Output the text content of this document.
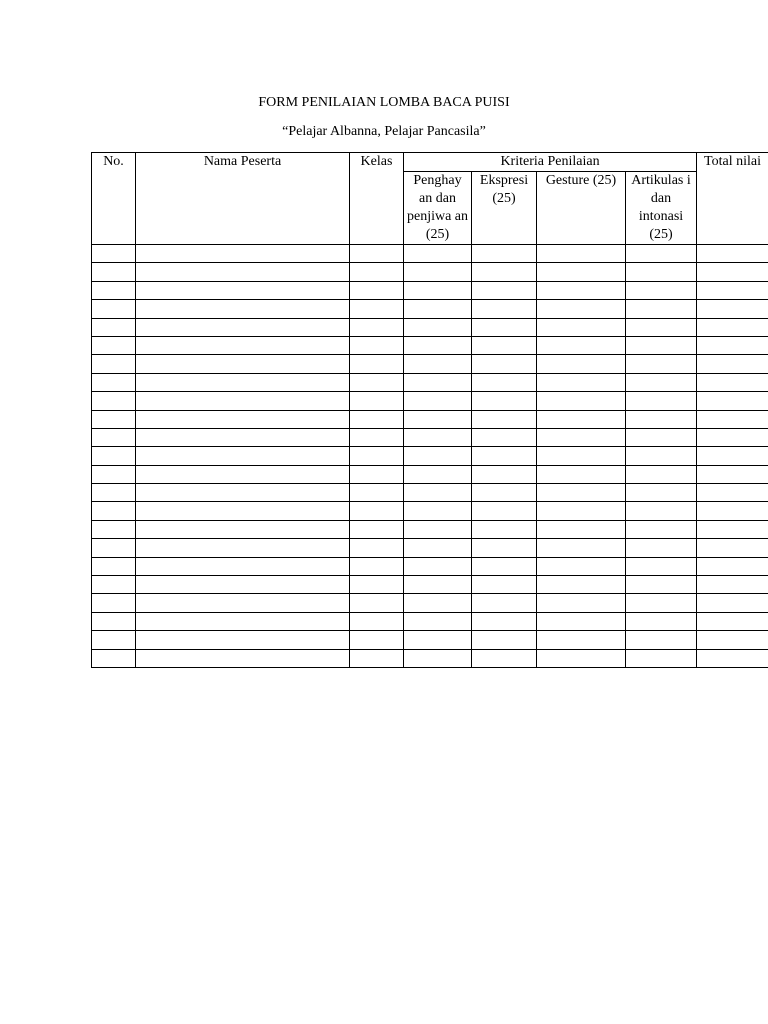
FORM PENILAIAN LOMBA BACA PUISI
“Pelajar Albanna, Pelajar Pancasila”
No.	Nama Peserta	Kelas	Kriteria Penilaian				Total nilai

			Penghay an dan penjiwa an (25)	Ekspresi (25)	Gesture (25)	Artikulas i dan intonasi (25)	
